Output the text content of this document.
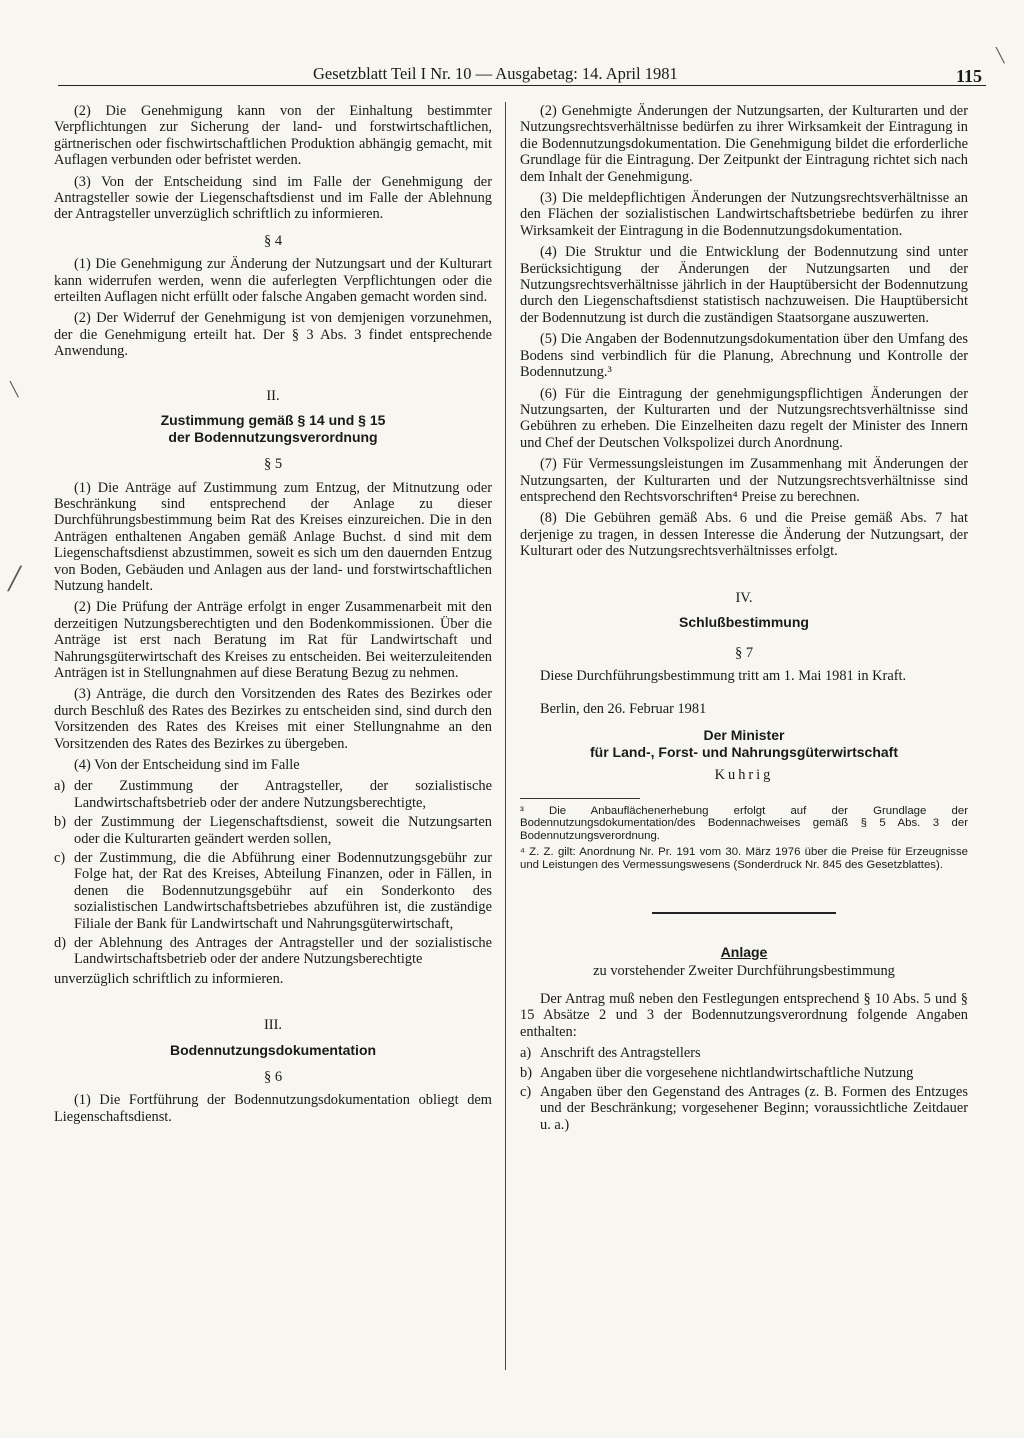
Gesetzblatt Teil I Nr. 10 — Ausgabetag: 14. April 1981	115

(2) Die Genehmigung kann von der Einhaltung bestimmter Verpflichtungen zur Sicherung der land- und forstwirtschaftlichen, gärtnerischen oder fischwirtschaftlichen Produktion abhängig gemacht, mit Auflagen verbunden oder befristet werden.

(3) Von der Entscheidung sind im Falle der Genehmigung der Antragsteller sowie der Liegenschaftsdienst und im Falle der Ablehnung der Antragsteller unverzüglich schriftlich zu informieren.

§ 4

(1) Die Genehmigung zur Änderung der Nutzungsart und der Kulturart kann widerrufen werden, wenn die auferlegten Verpflichtungen oder die erteilten Auflagen nicht erfüllt oder falsche Angaben gemacht worden sind.

(2) Der Widerruf der Genehmigung ist von demjenigen vorzunehmen, der die Genehmigung erteilt hat. Der § 3 Abs. 3 findet entsprechende Anwendung.

II.
Zustimmung gemäß § 14 und § 15
der Bodennutzungsverordnung
§ 5

(1) Die Anträge auf Zustimmung zum Entzug, der Mitnutzung oder Beschränkung sind entsprechend der Anlage zu dieser Durchführungsbestimmung beim Rat des Kreises einzureichen. Die in den Anträgen enthaltenen Angaben gemäß Anlage Buchst. d sind mit dem Liegenschaftsdienst abzustimmen, soweit es sich um den dauernden Entzug von Boden, Gebäuden und Anlagen aus der land- und forstwirtschaftlichen Nutzung handelt.

(2) Die Prüfung der Anträge erfolgt in enger Zusammenarbeit mit den derzeitigen Nutzungsberechtigten und den Bodenkommissionen. Über die Anträge ist erst nach Beratung im Rat für Landwirtschaft und Nahrungsgüterwirtschaft des Kreises zu entscheiden. Bei weiterzuleitenden Anträgen ist in Stellungnahmen auf diese Beratung Bezug zu nehmen.

(3) Anträge, die durch den Vorsitzenden des Rates des Bezirkes oder durch Beschluß des Rates des Bezirkes zu entscheiden sind, sind durch den Vorsitzenden des Rates des Kreises mit einer Stellungnahme an den Vorsitzenden des Rates des Bezirkes zu übergeben.

(4) Von der Entscheidung sind im Falle

a) der Zustimmung der Antragsteller, der sozialistische Landwirtschaftsbetrieb oder der andere Nutzungsberechtigte,
b) der Zustimmung der Liegenschaftsdienst, soweit die Nutzungsarten oder die Kulturarten geändert werden sollen,
c) der Zustimmung, die die Abführung einer Bodennutzungsgebühr zur Folge hat, der Rat des Kreises, Abteilung Finanzen, oder in Fällen, in denen die Bodennutzungsgebühr auf ein Sonderkonto des sozialistischen Landwirtschaftsbetriebes abzuführen ist, die zuständige Filiale der Bank für Landwirtschaft und Nahrungsgüterwirtschaft,
d) der Ablehnung des Antrages der Antragsteller und der sozialistische Landwirtschaftsbetrieb oder der andere Nutzungsberechtigte

unverzüglich schriftlich zu informieren.

III.
Bodennutzungsdokumentation
§ 6

(1) Die Fortführung der Bodennutzungsdokumentation obliegt dem Liegenschaftsdienst.

(2) Genehmigte Änderungen der Nutzungsarten, der Kulturarten und der Nutzungsrechtsverhältnisse bedürfen zu ihrer Wirksamkeit der Eintragung in die Bodennutzungsdokumentation. Die Genehmigung bildet die erforderliche Grundlage für die Eintragung. Der Zeitpunkt der Eintragung richtet sich nach dem Inhalt der Genehmigung.

(3) Die meldepflichtigen Änderungen der Nutzungsrechtsverhältnisse an den Flächen der sozialistischen Landwirtschaftsbetriebe bedürfen zu ihrer Wirksamkeit der Eintragung in die Bodennutzungsdokumentation.

(4) Die Struktur und die Entwicklung der Bodennutzung sind unter Berücksichtigung der Änderungen der Nutzungsarten und der Nutzungsrechtsverhältnisse jährlich in der Hauptübersicht der Bodennutzung durch den Liegenschaftsdienst statistisch nachzuweisen. Die Hauptübersicht der Bodennutzung ist durch die zuständigen Staatsorgane auszuwerten.

(5) Die Angaben der Bodennutzungsdokumentation über den Umfang des Bodens sind verbindlich für die Planung, Abrechnung und Kontrolle der Bodennutzung.³

(6) Für die Eintragung der genehmigungspflichtigen Änderungen der Nutzungsarten, der Kulturarten und der Nutzungsrechtsverhältnisse sind Gebühren zu erheben. Die Einzelheiten dazu regelt der Minister des Innern und Chef der Deutschen Volkspolizei durch Anordnung.

(7) Für Vermessungsleistungen im Zusammenhang mit Änderungen der Nutzungsarten, der Kulturarten und der Nutzungsrechtsverhältnisse sind entsprechend den Rechtsvorschriften⁴ Preise zu berechnen.

(8) Die Gebühren gemäß Abs. 6 und die Preise gemäß Abs. 7 hat derjenige zu tragen, in dessen Interesse die Änderung der Nutzungsart, der Kulturart oder des Nutzungsrechtsverhältnisses erfolgt.

IV.
Schlußbestimmung
§ 7

Diese Durchführungsbestimmung tritt am 1. Mai 1981 in Kraft.

Berlin, den 26. Februar 1981

Der Minister
für Land-, Forst- und Nahrungsgüterwirtschaft
Kuhrig
³ Die Anbauflächenerhebung erfolgt auf der Grundlage der Bodennutzungsdokumentation/des Bodennachweises gemäß § 5 Abs. 3 der Bodennutzungsverordnung.
⁴ Z. Z. gilt: Anordnung Nr. Pr. 191 vom 30. März 1976 über die Preise für Erzeugnisse und Leistungen des Vermessungswesens (Sonderdruck Nr. 845 des Gesetzblattes).
Anlage
zu vorstehender Zweiter Durchführungsbestimmung

Der Antrag muß neben den Festlegungen entsprechend § 10 Abs. 5 und § 15 Absätze 2 und 3 der Bodennutzungsverordnung folgende Angaben enthalten:

a) Anschrift des Antragstellers
b) Angaben über die vorgesehene nichtlandwirtschaftliche Nutzung
c) Angaben über den Gegenstand des Antrages (z. B. Formen des Entzuges und der Beschränkung; vorgesehener Beginn; voraussichtliche Zeitdauer u. a.)
╲
╲
╱
